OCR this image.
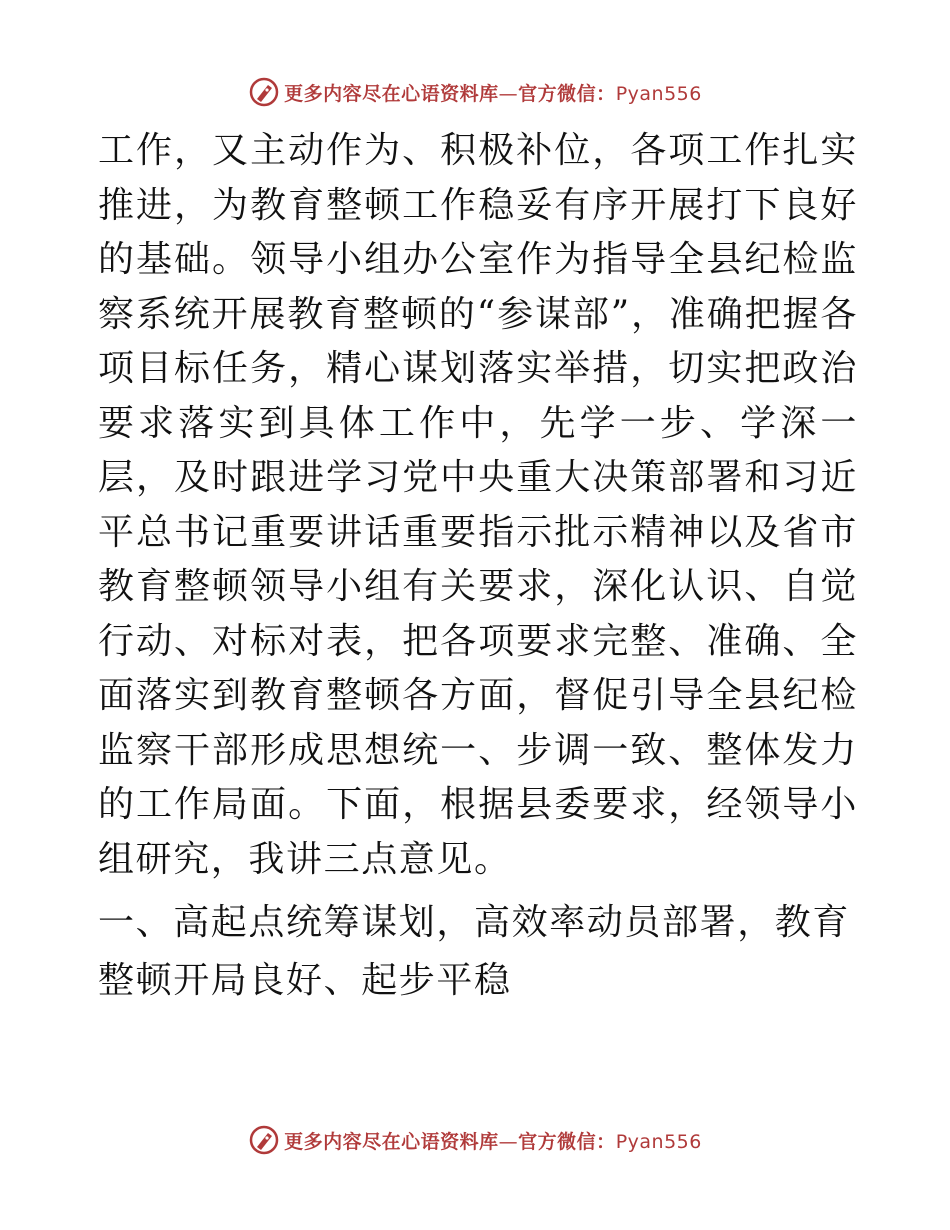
更多内容尽在心语资料库—官方微信：Pyan556

工作，又主动作为、积极补位，各项工作扎实推进，为教育整顿工作稳妥有序开展打下良好的基础。领导小组办公室作为指导全县纪检监察系统开展教育整顿的“参谋部”，准确把握各项目标任务，精心谋划落实举措，切实把政治要求落实到具体工作中，先学一步、学深一层，及时跟进学习党中央重大决策部署和习近平总书记重要讲话重要指示批示精神以及省市教育整顿领导小组有关要求，深化认识、自觉行动、对标对表，把各项要求完整、准确、全面落实到教育整顿各方面，督促引导全县纪检监察干部形成思想统一、步调一致、整体发力的工作局面。下面，根据县委要求，经领导小组研究，我讲三点意见。

一、高起点统筹谋划，高效率动员部署，教育整顿开局良好、起步平稳
更多内容尽在心语资料库—官方微信：Pyan556
